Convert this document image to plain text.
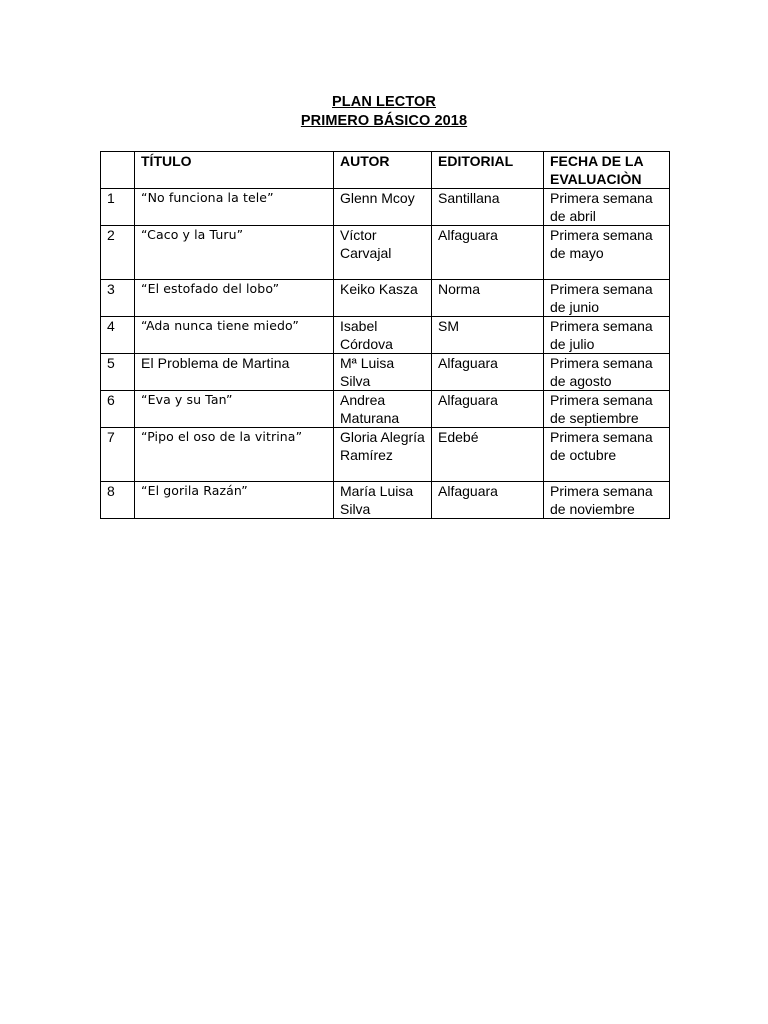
PLAN LECTOR
PRIMERO BÁSICO 2018
	TÍTULO	AUTOR	EDITORIAL	FECHA DE LA EVALUACIÒN
1	“No funciona la tele”	Glenn Mcoy	Santillana	Primera semana de abril
2	“Caco y la Turu”	Víctor Carvajal	Alfaguara	Primera semana de mayo
3	“El estofado del lobo”	Keiko Kasza	Norma	Primera semana de junio
4	“Ada nunca tiene miedo”	Isabel Córdova	SM	Primera semana de julio
5	El Problema de Martina	Mª Luisa Silva	Alfaguara	Primera semana de agosto
6	“Eva y su Tan”	Andrea Maturana	Alfaguara	Primera semana de septiembre
7	“Pipo el oso de la vitrina”	Gloria Alegría Ramírez	Edebé	Primera semana de octubre
8	“El gorila Razán”	María Luisa Silva	Alfaguara	Primera semana de noviembre
